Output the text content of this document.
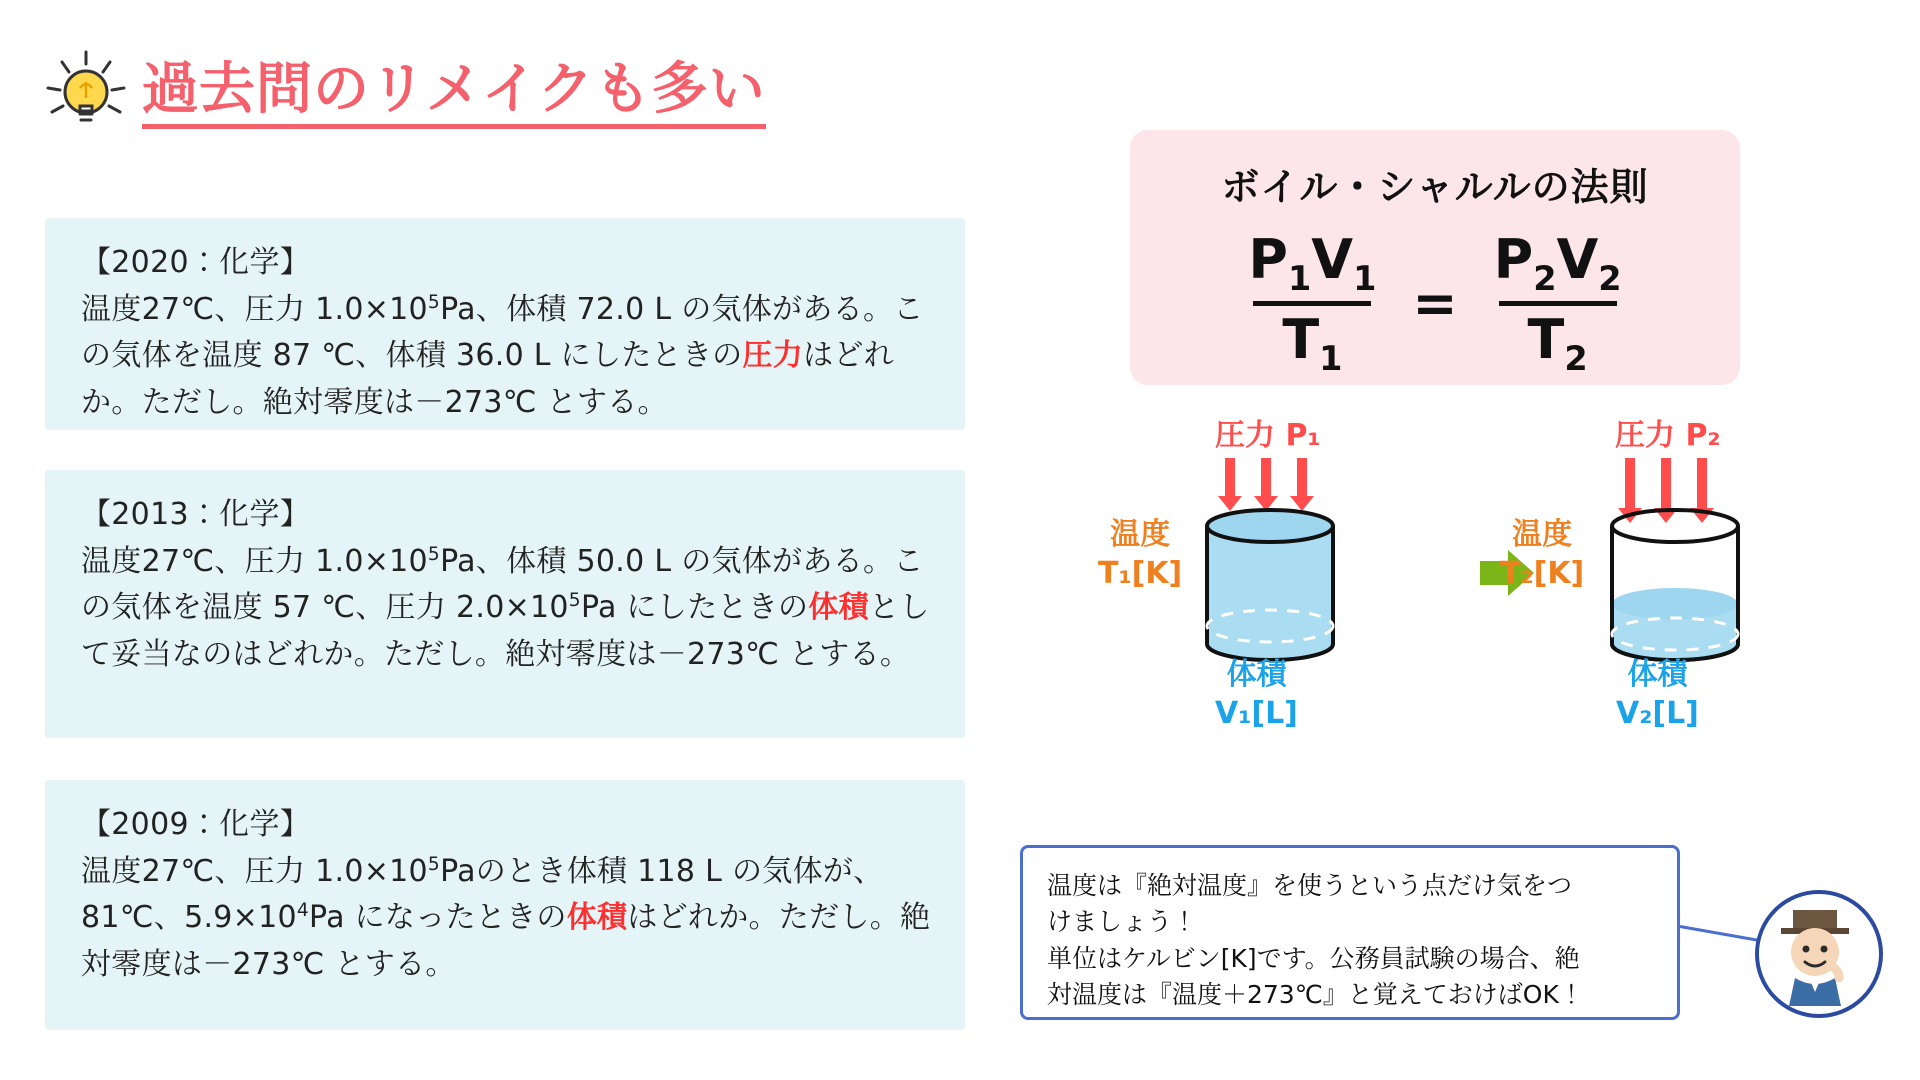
過去問のリメイクも多い
【2020：化学】
温度27℃、圧力 $1.0\times 10^5Pa$、体積 72.0 L の気体がある。この気体を温度 87 ℃、体積 36.0 L にしたときの圧力はどれか。ただし。絶対零度は－273℃ とする。
【2013：化学】
温度27℃、圧力 $1.0\times 10^5Pa$、体積 50.0 L の気体がある。この気体を温度 57 ℃、圧力 $2.0\times 10^5Pa$ にしたときの体積として妥当なのはどれか。ただし。絶対零度は－273℃ とする。
【2009：化学】
温度27℃、圧力 $1.0\times 10^5Pa$のとき体積 118 L の気体が、81℃、$5.9\times 10^4Pa$ になったときの体積はどれか。ただし。絶対零度は－273℃ とする。
ボイル・シャルルの法則
$P_1V_1$
$T_1$
=
$P_2V_2$
$T_2$
圧力 P₁	圧力 P₂
温度
T₁[K]
温度
T₂[K]
体積
V₁[L]
体積
V₂[L]
温度は『絶対温度』を使うという点だけ気をつ
けましょう！
単位はケルビン[K]です。公務員試験の場合、絶
対温度は『温度＋273℃』と覚えておけばOK！
